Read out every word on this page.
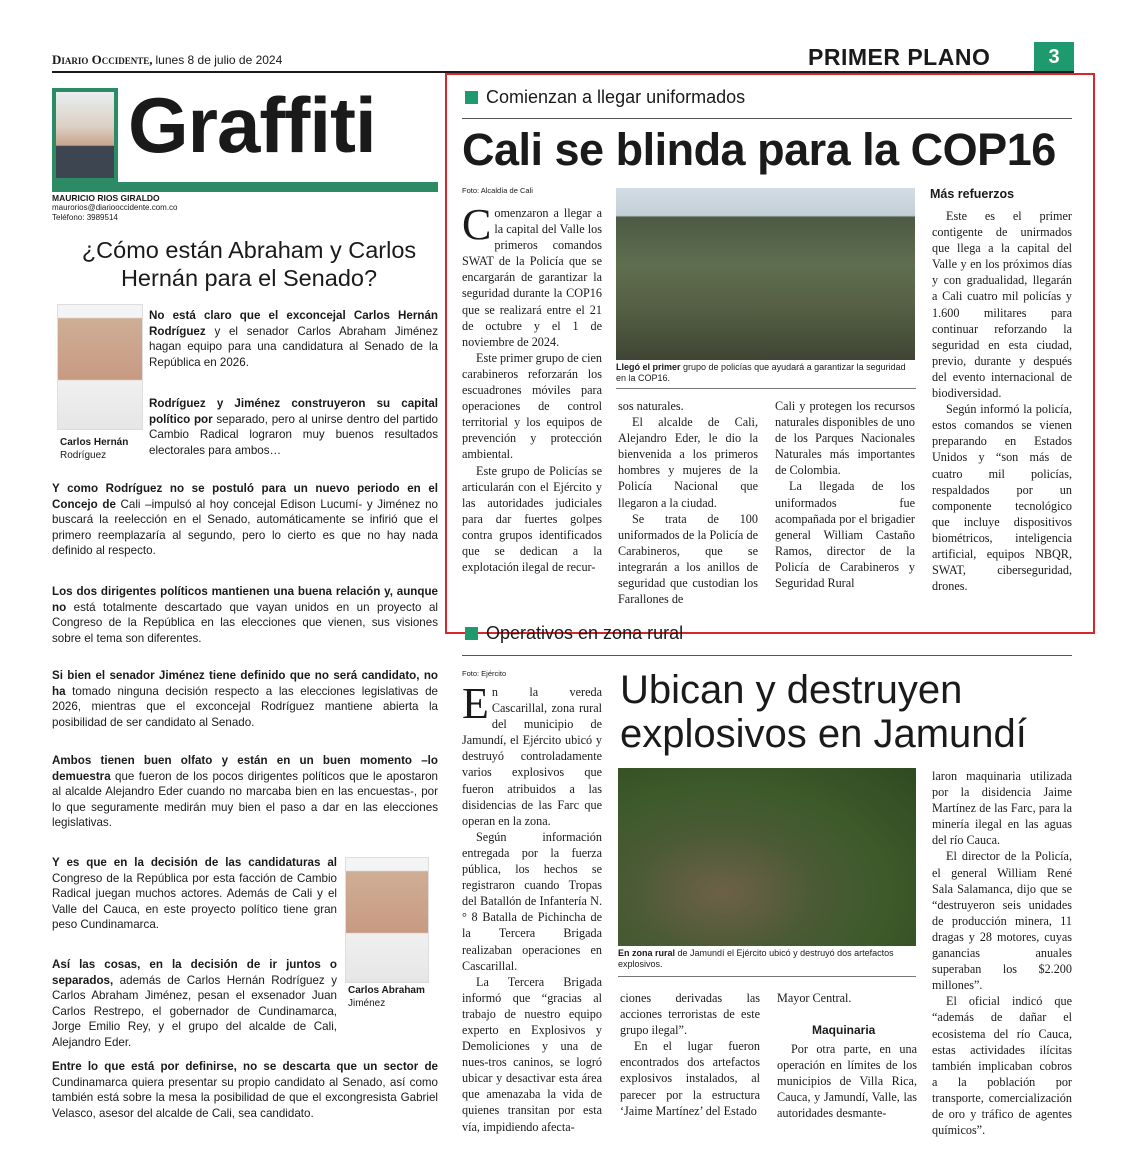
Diario Occidente, lunes 8 de julio de 2024	PRIMER PLANO	3
Graffiti
MAURICIO RIOS GIRALDO
maurorios@diariooccidente.com.co
Teléfono: 3989514
¿Cómo están Abraham y Carlos Hernán para el Senado?
Carlos Hernán
Rodríguez

No está claro que el exconcejal Carlos Hernán Rodríguez y el senador Carlos Abraham Jiménez hagan equipo para una candidatura al Senado de la República en 2026.

Rodríguez y Jiménez construyeron su capital político por separado, pero al unirse dentro del partido Cambio Radical lograron muy buenos resultados electorales para ambos…

Y como Rodríguez no se postuló para un nuevo periodo en el Concejo de Cali –impulsó al hoy concejal Edison Lucumí- y Jiménez no buscará la reelección en el Senado, automáticamente se infirió que el primero reemplazaría al segundo, pero lo cierto es que no hay nada definido al respecto.

Los dos dirigentes políticos mantienen una buena relación y, aunque no está totalmente descartado que vayan unidos en un proyecto al Congreso de la República en las elecciones que vienen, sus visiones sobre el tema son diferentes.

Si bien el senador Jiménez tiene definido que no será candidato, no ha tomado ninguna decisión respecto a las elecciones legislativas de 2026, mientras que el exconcejal Rodríguez mantiene abierta la posibilidad de ser candidato al Senado.

Ambos tienen buen olfato y están en un buen momento –lo demuestra que fueron de los pocos dirigentes políticos que le apostaron al alcalde Alejandro Eder cuando no marcaba bien en las encuestas-, por lo que seguramente medirán muy bien el paso a dar en las elecciones legislativas.

Y es que en la decisión de las candidaturas al Congreso de la República por esta facción de Cambio Radical juegan muchos actores. Además de Cali y el Valle del Cauca, en este proyecto político tiene gran peso Cundinamarca.

Carlos Abraham
Jiménez

Así las cosas, en la decisión de ir juntos o separados, además de Carlos Hernán Rodríguez y Carlos Abraham Jiménez, pesan el exsenador Juan Carlos Restrepo, el gobernador de Cundinamarca, Jorge Emilio Rey, y el grupo del alcalde de Cali, Alejandro Eder.

Entre lo que está por definirse, no se descarta que un sector de Cundinamarca quiera presentar su propio candidato al Senado, así como también está sobre la mesa la posibilidad de que el excongresista Gabriel Velasco, asesor del alcalde de Cali, sea candidato.

Comienzan a llegar uniformados
Cali se blinda para la COP16
Foto: Alcaldía de Cali

Comenzaron a llegar a la capital del Valle los primeros comandos SWAT de la Policía que se encargarán de garantizar la seguridad durante la COP16 que se realizará entre el 21 de octubre y el 1 de noviembre de 2024.

Este primer grupo de cien carabineros reforzarán los escuadrones móviles para operaciones de control territorial y los equipos de prevención y protección ambiental.

Este grupo de Policías se articularán con el Ejército y las autoridades judiciales para dar fuertes golpes contra grupos identificados que se dedican a la explotación ilegal de recur-

Llegó el primer grupo de policías que ayudará a garantizar la seguridad en la COP16.

sos naturales.

El alcalde de Cali, Alejandro Eder, le dio la bienvenida a los primeros hombres y mujeres de la Policía Nacional que llegaron a la ciudad.

Se trata de 100 uniformados de la Policía de Carabineros, que se integrarán a los anillos de seguridad que custodian los Farallones de

Cali y protegen los recursos naturales disponibles de uno de los Parques Nacionales Naturales más importantes de Colombia.

La llegada de los uniformados fue acompañada por el brigadier general William Castaño Ramos, director de la Policía de Carabineros y Seguridad Rural

Más refuerzos

Este es el primer contigente de unirmados que llega a la capital del Valle y en los próximos días y con gradualidad, llegarán a Cali cuatro mil policías y 1.600 militares para continuar reforzando la seguridad en esta ciudad, previo, durante y después del evento internacional de biodiversidad.

Según informó la policía, estos comandos se vienen preparando en Estados Unidos y “son más de cuatro mil policías, respaldados por un componente tecnológico que incluye dispositivos biométricos, inteligencia artificial, equipos NBQR, SWAT, ciberseguridad, drones.

Operativos en zona rural
Foto: Ejército	Ubican y destruyen
explosivos en Jamundí

En la vereda Cascarillal, zona rural del municipio de Jamundí, el Ejército ubicó y destruyó controladamente varios explosivos que fueron atribuidos a las disidencias de las Farc que operan en la zona.

Según información entregada por la fuerza pública, los hechos se registraron cuando Tropas del Batallón de Infantería N.° 8 Batalla de Pichincha de la Tercera Brigada realizaban operaciones en Cascarillal.

La Tercera Brigada informó que “gracias al trabajo de nuestro equipo experto en Explosivos y Demoliciones y una de nues-tros caninos, se logró ubicar y desactivar esta área que amenazaba la vida de quienes transitan por esta vía, impidiendo afecta-

En zona rural de Jamundí el Ejército ubicó y destruyó dos artefactos explosivos.

ciones derivadas las acciones terroristas de este grupo ilegal”.

En el lugar fueron encontrados dos artefactos explosivos instalados, al parecer por la estructura ‘Jaime Martínez’ del Estado

Mayor Central.

Maquinaria

Por otra parte, en una operación en límites de los municipios de Villa Rica, Cauca, y Jamundí, Valle, las autoridades desmante-

laron maquinaria utilizada por la disidencia Jaime Martínez de las Farc, para la minería ilegal en las aguas del río Cauca.

El director de la Policía, el general William René Sala Salamanca, dijo que se “destruyeron seis unidades de producción minera, 11 dragas y 28 motores, cuyas ganancias anuales superaban los $2.200 millones”.

El oficial indicó que “además de dañar el ecosistema del río Cauca, estas actividades ilícitas también implicaban cobros a la población por transporte, comercialización de oro y tráfico de agentes químicos”.
